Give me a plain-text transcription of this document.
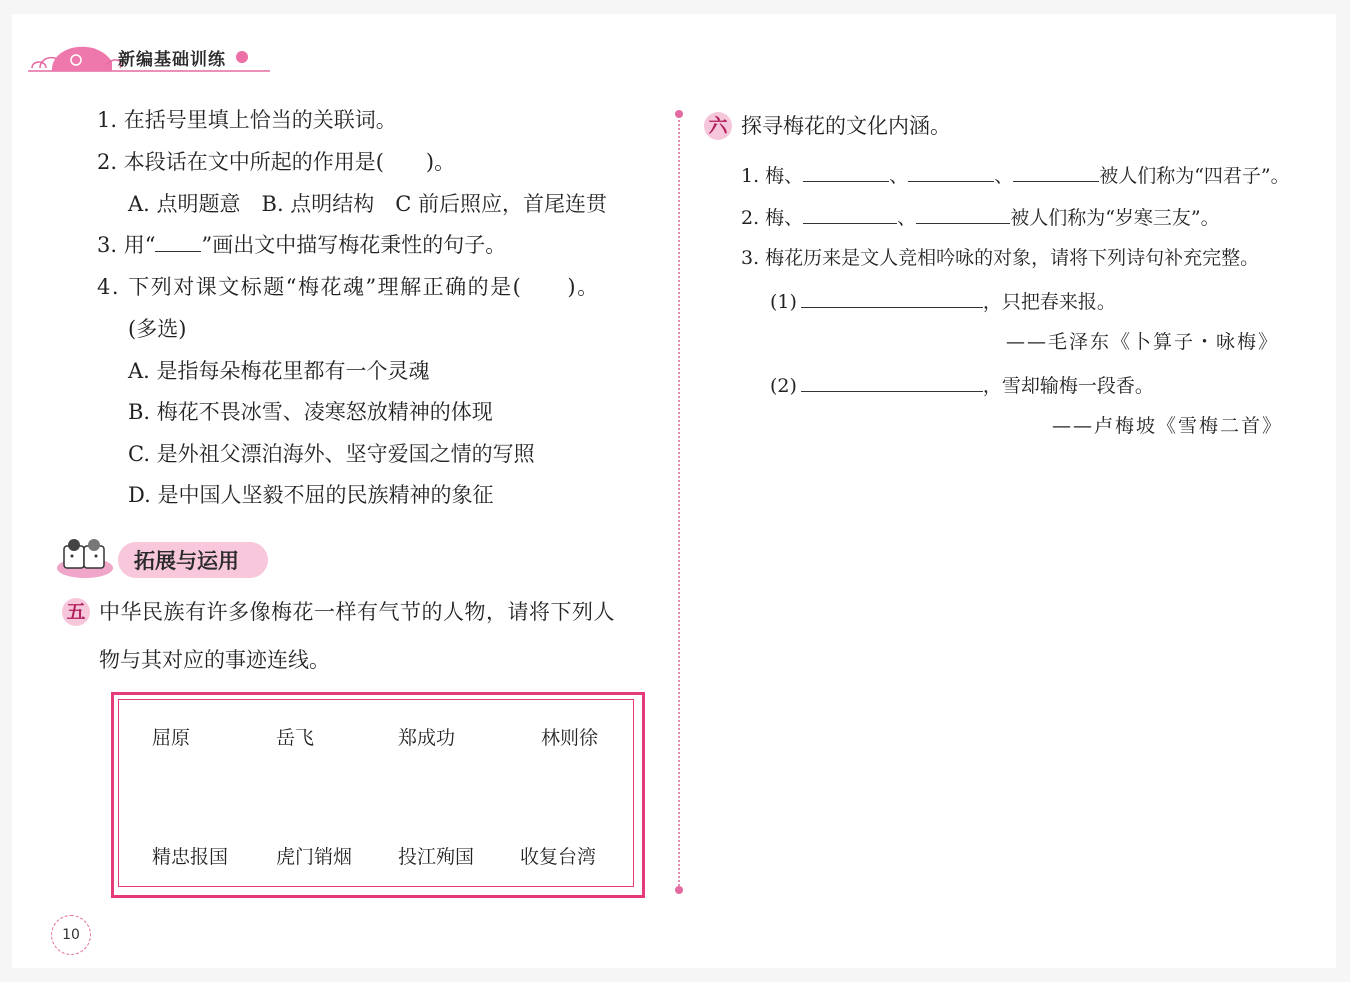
新编基础训练
1. 在括号里填上恰当的关联词。
2. 本段话在文中所起的作用是(　　)。
A. 点明题意　B. 点明结构　C 前后照应，首尾连贯
3. 用“ ”画出文中描写梅花秉性的句子。
4. 下列对课文标题“梅花魂”理解正确的是(　　)。
(多选)
A. 是指每朵梅花里都有一个灵魂
B. 梅花不畏冰雪、凌寒怒放精神的体现
C. 是外祖父漂泊海外、坚守爱国之情的写照
D. 是中国人坚毅不屈的民族精神的象征
拓展与运用
五 中华民族有许多像梅花一样有气节的人物，请将下列人
物与其对应的事迹连线。
屈原	岳飞	郑成功	林则徐
精忠报国	虎门销烟 投江殉国 收复台湾
六 探寻梅花的文化内涵。
1. 梅、	、	、	被人们称为“四君子”。
2. 梅、	、	被人们称为“岁寒三友”。
3. 梅花历来是文人竞相吟咏的对象，请将下列诗句补充完整。
(1)	，只把春来报。
——毛泽东《卜算子・咏梅》
(2)	，雪却输梅一段香。
——卢梅坡《雪梅二首》
10
